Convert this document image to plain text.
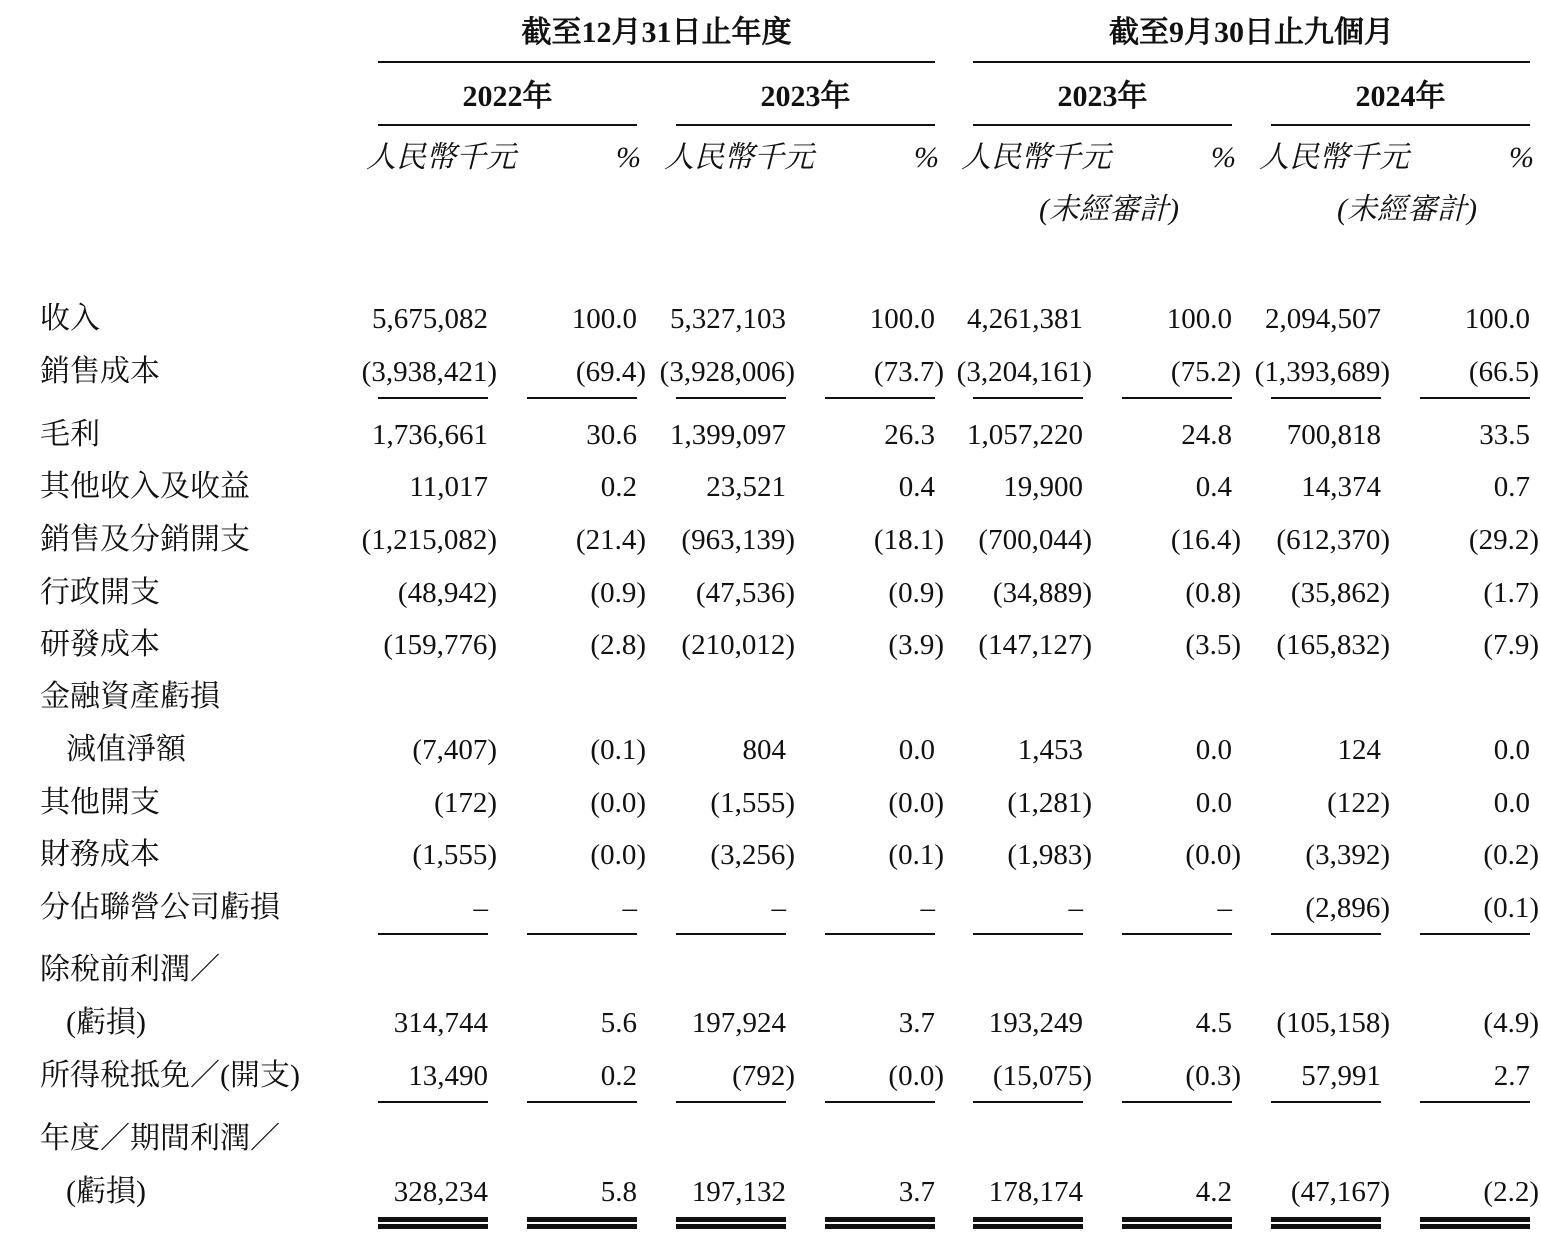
截至12月31日止年度	截至9月30日止九個月
2022年	2023年	2023年	2024年
人民幣千元	% 人民幣千元	% 人民幣千元	%
(未經審計)
人民幣千元	%
(未經審計)
收入	5,675,082	100.0 5,327,103	100.0 4,261,381	100.0 2,094,507	100.0
銷售成本	(3,938,421)	(69.4) (3,928,006)	(73.7) (3,204,161)	(75.2) (1,393,689)	(66.5)
毛利	1,736,661	30.6 1,399,097	26.3 1,057,220	24.8 700,818	33.5
其他收入及收益	11,017	0.2 23,521	0.4 19,900	0.4 14,374	0.7
銷售及分銷開支	(1,215,082)	(21.4) (963,139)	(18.1) (700,044)	(16.4) (612,370)	(29.2)
行政開支	(48,942)	(0.9) (47,536)	(0.9) (34,889)	(0.8) (35,862)	(1.7)
研發成本	(159,776)	(2.8) (210,012)	(3.9) (147,127)	(3.5) (165,832)	(7.9)
金融資產虧損
減值淨額	(7,407)	(0.1)	804	0.0	1,453	0.0	124	0.0
其他開支	(172)	(0.0) (1,555)	(0.0) (1,281)	0.0	(122)	0.0
財務成本	(1,555)	(0.0) (3,256)	(0.1) (1,983)	(0.0) (3,392)	(0.2)
分佔聯營公司虧損	–	–	–	–	–	–	(2,896)	(0.1)
除稅前利潤／
(虧損)	314,744	5.6 197,924	3.7 193,249	4.5 (105,158)	(4.9)
所得稅抵免／(開支)	13,490	0.2	(792)	(0.0) (15,075)	(0.3) 57,991	2.7
年度／期間利潤／
(虧損)	328,234	5.8 197,132	3.7 178,174	4.2 (47,167)	(2.2)
